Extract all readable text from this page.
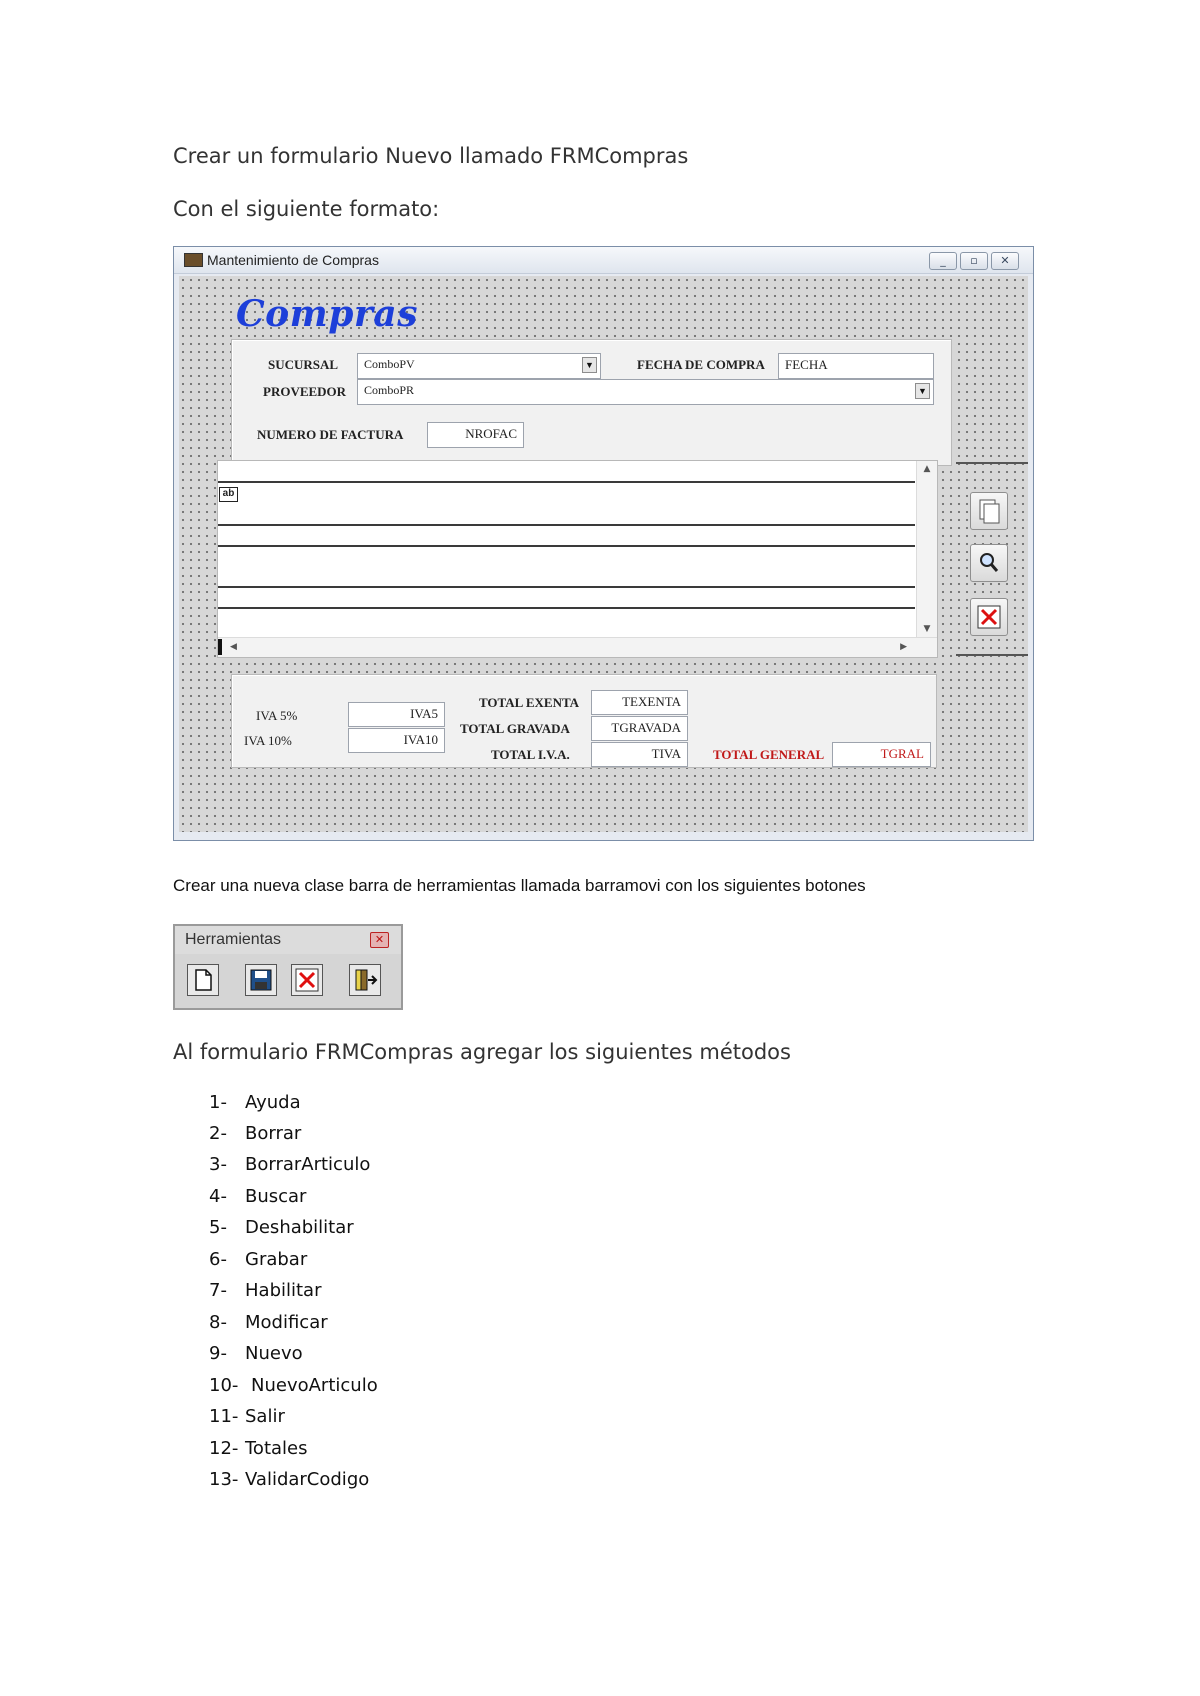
Crear un formulario Nuevo llamado FRMCompras
Con el siguiente formato:
Mantenimiento de Compras	_	▫	✕
Compras
SUCURSAL	ComboPV	▼	FECHA DE COMPRA	FECHA
PROVEEDOR	ComboPR	▼
NUMERO DE FACTURA	NROFAC
ab
▲
▼
◀	▶
IVA 5%	IVA5
IVA 10%	IVA10
TOTAL EXENTA	TEXENTA
TOTAL GRAVADA	TGRAVADA
TOTAL I.V.A.	TIVA	TOTAL GENERAL	TGRAL
Crear una nueva clase barra de herramientas llamada barramovi con los siguientes botones
Herramientas	✕
Al formulario FRMCompras agregar los siguientes métodos
1- Ayuda
2- Borrar
3- BorrarArticulo
4- Buscar
5- Deshabilitar
6- Grabar
7- Habilitar
8- Modificar
9- Nuevo
10- NuevoArticulo
11- Salir
12- Totales
13- ValidarCodigo
